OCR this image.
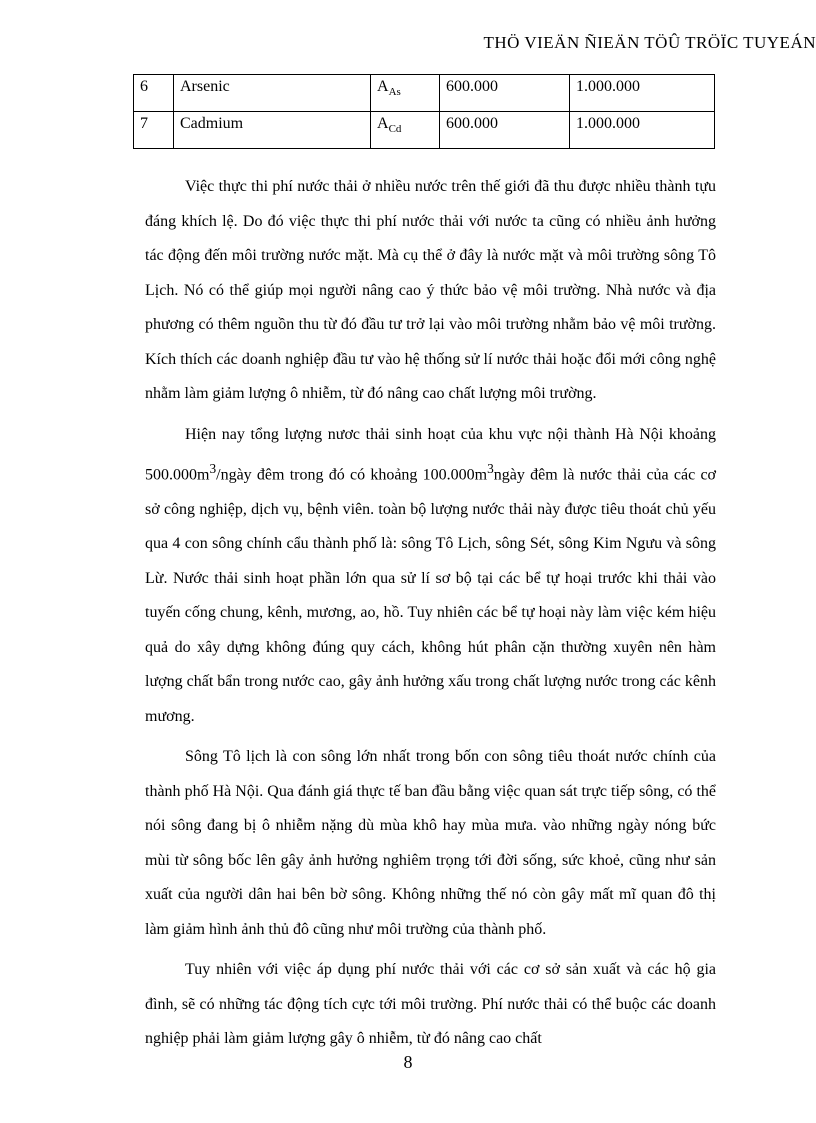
THÖ VIEÄN ÑIEÄN TÖÛ TRÖÏC TUYEÁN
6	Arsenic	$A_{As}$	600.000	1.000.000
7	Cadmium	$A_{Cd}$	600.000	1.000.000

Việc thực thi phí nước thải ở nhiều nước trên thế giới đã thu được nhiều thành tựu đáng khích lệ. Do đó việc thực thi phí nước thải với nước ta cũng có nhiều ảnh hưởng tác động đến môi trường nước mặt. Mà cụ thể ở đây là nước mặt và môi trường sông Tô Lịch. Nó có thể giúp mọi người nâng cao ý thức bảo vệ môi trường. Nhà nước và địa phương có thêm nguồn thu từ đó đầu tư trở lại vào môi trường nhằm bảo vệ môi trường. Kích thích các doanh nghiệp đầu tư vào hệ thống sử lí nước thải hoặc đổi mới công nghệ nhằm làm giảm lượng ô nhiễm, từ đó nâng cao chất lượng môi trường.

Hiện nay tổng lượng nươc thải sinh hoạt của khu vực nội thành Hà Nội khoảng $500.000m^3$/ngày đêm trong đó có khoảng $100.000m^3ngày$ đêm là nước thải của các cơ sở công nghiệp, dịch vụ, bệnh viên. toàn bộ lượng nước thải này được tiêu thoát chủ yếu qua 4 con sông chính cẩu thành phố là: sông Tô Lịch, sông Sét, sông Kim Ngưu và sông Lừ. Nước thải sinh hoạt phần lớn qua sử lí sơ bộ tại các bể tự hoại trước khi thải vào tuyến cống chung, kênh, mương, ao, hồ. Tuy nhiên các bể tự hoại này làm việc kém hiệu quả do xây dựng không đúng quy cách, không hút phân cặn thường xuyên nên hàm lượng chất bẩn trong nước cao, gây ảnh hưởng xấu trong chất lượng nước trong các kênh mương.

Sông Tô lịch là con sông lớn nhất trong bốn con sông tiêu thoát nước chính của thành phố Hà Nội. Qua đánh giá thực tế ban đầu bằng việc quan sát trực tiếp sông, có thể nói sông đang bị ô nhiễm nặng dù mùa khô hay mùa mưa. vào những ngày nóng bức mùi từ sông bốc lên gây ảnh hưởng nghiêm trọng tới đời sống, sức khoẻ, cũng như sản xuất của người dân hai bên bờ sông. Không những thế nó còn gây mất mĩ quan đô thị làm giảm hình ảnh thủ đô cũng như môi trường của thành phố.

Tuy nhiên với việc áp dụng phí nước thải với các cơ sở sản xuất và các hộ gia đình, sẽ có những tác động tích cực tới môi trường. Phí nước thải có thể buộc các doanh nghiệp phải làm giảm lượng gây ô nhiễm, từ đó nâng cao chất

8
